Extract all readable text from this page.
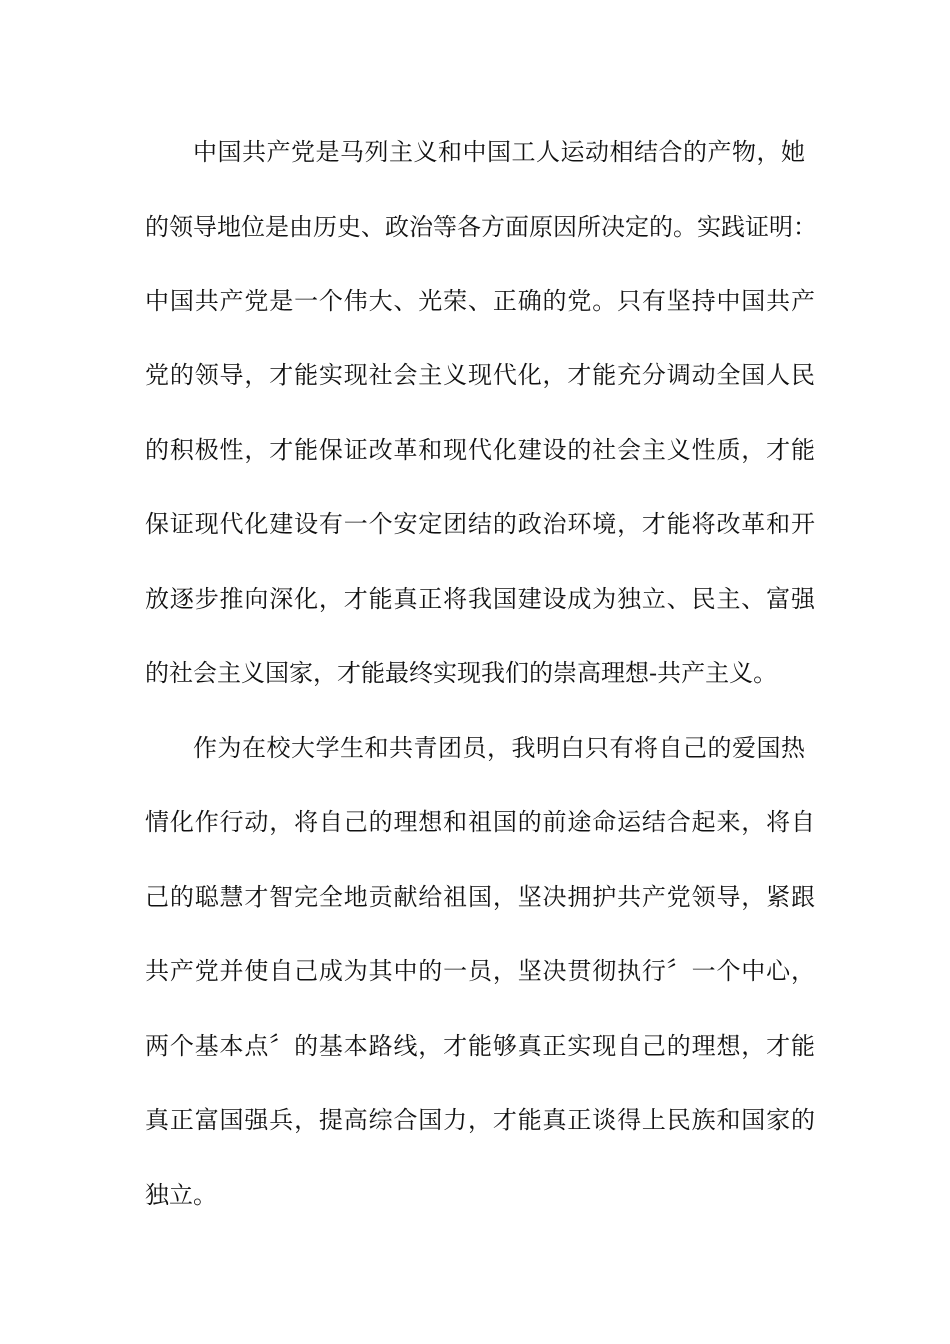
中国共产党是马列主义和中国工人运动相结合的产物，她
的领导地位是由历史、政治等各方面原因所决定的。实践证明：
中国共产党是一个伟大、光荣、正确的党。只有坚持中国共产
党的领导，才能实现社会主义现代化，才能充分调动全国人民
的积极性，才能保证改革和现代化建设的社会主义性质，才能
保证现代化建设有一个安定团结的政治环境，才能将改革和开
放逐步推向深化，才能真正将我国建设成为独立、民主、富强
的社会主义国家，才能最终实现我们的崇高理想-共产主义。
作为在校大学生和共青团员，我明白只有将自己的爱国热
情化作行动，将自己的理想和祖国的前途命运结合起来，将自
己的聪慧才智完全地贡献给祖国，坚决拥护共产党领导，紧跟
共产党并使自己成为其中的一员，坚决贯彻执行〞一个中心，
两个基本点〞的基本路线，才能够真正实现自己的理想，才能
真正富国强兵，提高综合国力，才能真正谈得上民族和国家的
独立。
